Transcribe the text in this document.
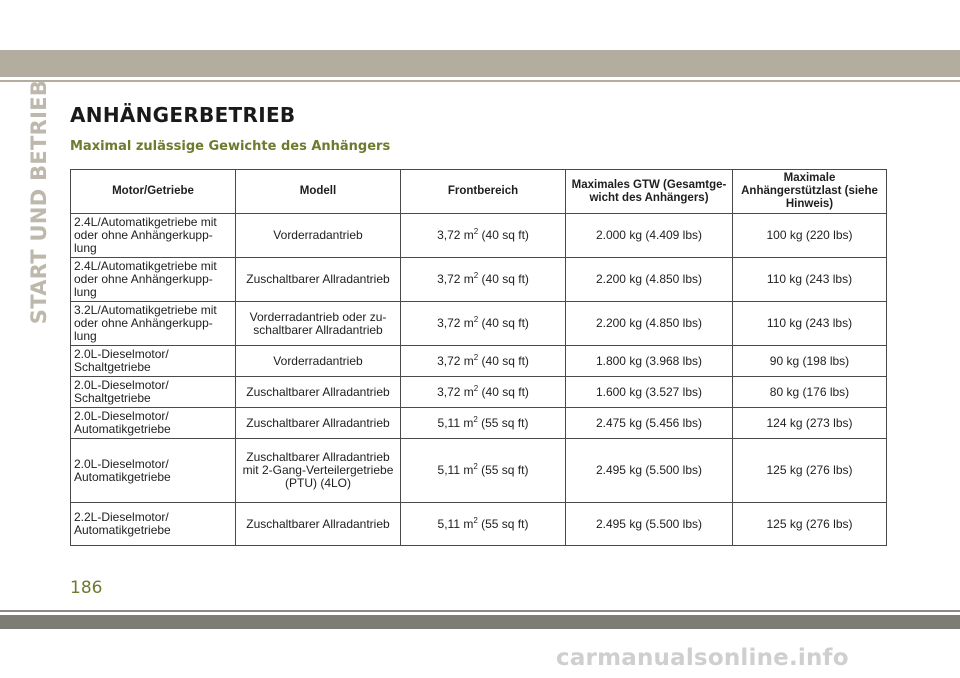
START UND BETRIEB ANHÄNGERBETRIEB
Maximal zulässige Gewichte des Anhängers
Motor/Getriebe	Modell	Frontbereich	Maximales GTW (Gesamtge-wicht des Anhängers)	Maximale Anhängerstützlast (siehe Hinweis)
2.4L/Automatikgetriebe mit oder ohne Anhängerkupp-lung	Vorderradantrieb	3,72 $m^2$ (40 sq ft)	2.000 kg (4.409 lbs)	100 kg (220 lbs)
2.4L/Automatikgetriebe mit oder ohne Anhängerkupp-lung	Zuschaltbarer Allradantrieb	3,72 $m^2$ (40 sq ft)	2.200 kg (4.850 lbs)	110 kg (243 lbs)
3.2L/Automatikgetriebe mit oder ohne Anhängerkupp-lung	Vorderradantrieb oder zu-schaltbarer Allradantrieb	3,72 $m^2$ (40 sq ft)	2.200 kg (4.850 lbs)	110 kg (243 lbs)
2.0L-Dieselmotor/ Schaltgetriebe	Vorderradantrieb	3,72 $m^2$ (40 sq ft)	1.800 kg (3.968 lbs)	90 kg (198 lbs)
2.0L-Dieselmotor/ Schaltgetriebe	Zuschaltbarer Allradantrieb	3,72 $m^2$ (40 sq ft)	1.600 kg (3.527 lbs)	80 kg (176 lbs)
2.0L-Dieselmotor/ Automatikgetriebe	Zuschaltbarer Allradantrieb	5,11 $m^2$ (55 sq ft)	2.475 kg (5.456 lbs)	124 kg (273 lbs)
2.0L-Dieselmotor/ Automatikgetriebe	Zuschaltbarer Allradantrieb mit 2-Gang-Verteilergetriebe (PTU) (4LO)	5,11 $m^2$ (55 sq ft)	2.495 kg (5.500 lbs)	125 kg (276 lbs)
2.2L-Dieselmotor/ Automatikgetriebe	Zuschaltbarer Allradantrieb	5,11 $m^2$ (55 sq ft)	2.495 kg (5.500 lbs)	125 kg (276 lbs)
186
carmanualsonline.info
